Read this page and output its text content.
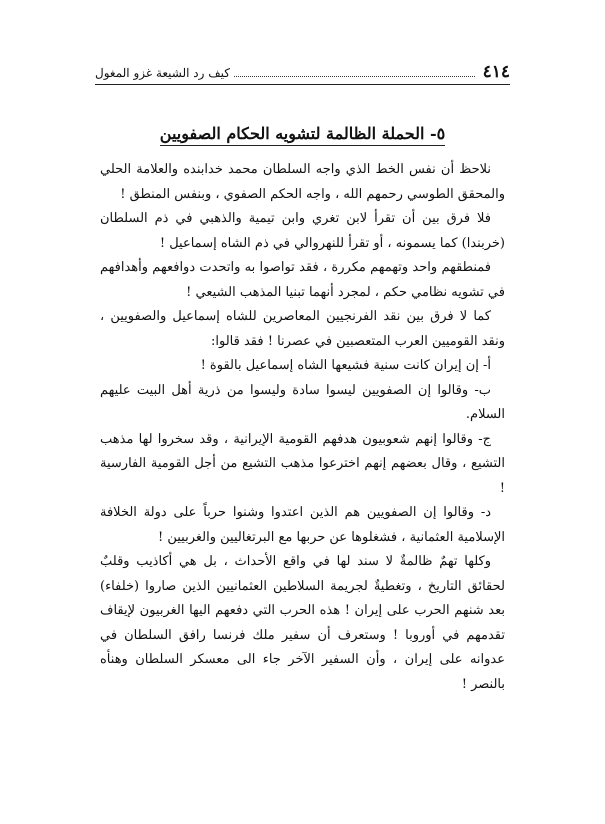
٤١٤
كيف رد الشيعة غزو المغول
٥- الحملة الظالمة لتشويه الحكام الصفويين

نلاحظ أن نفس الخط الذي واجه السلطان محمد خدابنده والعلامة الحلي والمحقق الطوسي رحمهم الله ، واجه الحكم الصفوي ، وبنفس المنطق !

فلا فرق بين أن تقرأ لابن تغري وابن تيمية والذهبي في ذم السلطان (خربندا) كما يسمونه ، أو تقرأ للنهروالي في ذم الشاه إسماعيل !

فمنطقهم واحد وتهمهم مكررة ، فقد تواصوا به واتحدت دوافعهم وأهدافهم في تشويه نظامي حكم ، لمجرد أنهما تبنيا المذهب الشيعي !

كما لا فرق بين نقد الفرنجيين المعاصرين للشاه إسماعيل والصفويين ، ونقد القوميين العرب المتعصبين في عصرنا ! فقد قالوا:

أ- إن إيران كانت سنية فشيعها الشاه إسماعيل بالقوة !

ب- وقالوا إن الصفويين ليسوا سادة وليسوا من ذرية أهل البيت عليهم السلام.

ج- وقالوا إنهم شعوبيون هدفهم القومية الإيرانية ، وقد سخروا لها مذهب التشيع ، وقال بعضهم إنهم اخترعوا مذهب التشيع من أجل القومية الفارسية !

د- وقالوا إن الصفويين هم الذين اعتدوا وشنوا حرباً على دولة الخلافة الإسلامية العثمانية ، فشغلوها عن حربها مع البرتغاليين والغربيين !

وكلها تهمٌ ظالمةٌ لا سند لها في واقع الأحداث ، بل هي أكاذيب وقلبٌ لحقائق التاريخ ، وتغطيةٌ لجريمة السلاطين العثمانيين الذين صاروا (خلفاء) بعد شنهم الحرب على إيران ! هذه الحرب التي دفعهم اليها الغربيون لإيقاف تقدمهم في أوروبا ! وستعرف أن سفير ملك فرنسا رافق السلطان في عدوانه على إيران ، وأن السفير الآخر جاء الى معسكر السلطان وهنأه بالنصر !
